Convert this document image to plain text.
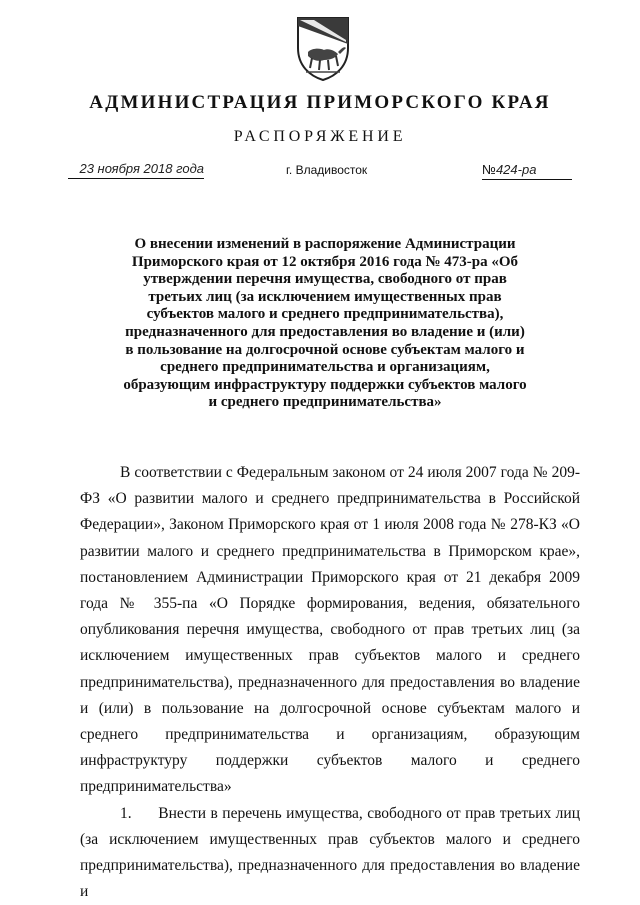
АДМИНИСТРАЦИЯ ПРИМОРСКОГО КРАЯ
РАСПОРЯЖЕНИЕ
23 ноября 2018 года	г. Владивосток	№424-ра
О внесении изменений в распоряжение Администрации Приморского края от 12 октября 2016 года № 473-ра «Об утверждении перечня имущества, свободного от прав третьих лиц (за исключением имущественных прав субъектов малого и среднего предпринимательства), предназначенного для предоставления во владение и (или) в пользование на долгосрочной основе субъектам малого и среднего предпринимательства и организациям, образующим инфраструктуру поддержки субъектов малого и среднего предпринимательства»

В соответствии с Федеральным законом от 24 июля 2007 года № 209-ФЗ «О развитии малого и среднего предпринимательства в Российской Федерации», Законом Приморского края от 1 июля 2008 года № 278-КЗ «О развитии малого и среднего предпринимательства в Приморском крае», постановлением Администрации Приморского края от 21 декабря 2009 года № 355-па «О Порядке формирования, ведения, обязательного опубликования перечня имущества, свободного от прав третьих лиц (за исключением имущественных прав субъектов малого и среднего предпринимательства), предназначенного для предоставления во владение и (или) в пользование на долгосрочной основе субъектам малого и среднего предпринимательства и организациям, образующим инфраструктуру поддержки субъектов малого и среднего предпринимательства»

1.      Внести в перечень имущества, свободного от прав третьих лиц (за исключением имущественных прав субъектов малого и среднего предпринимательства), предназначенного для предоставления во владение и
